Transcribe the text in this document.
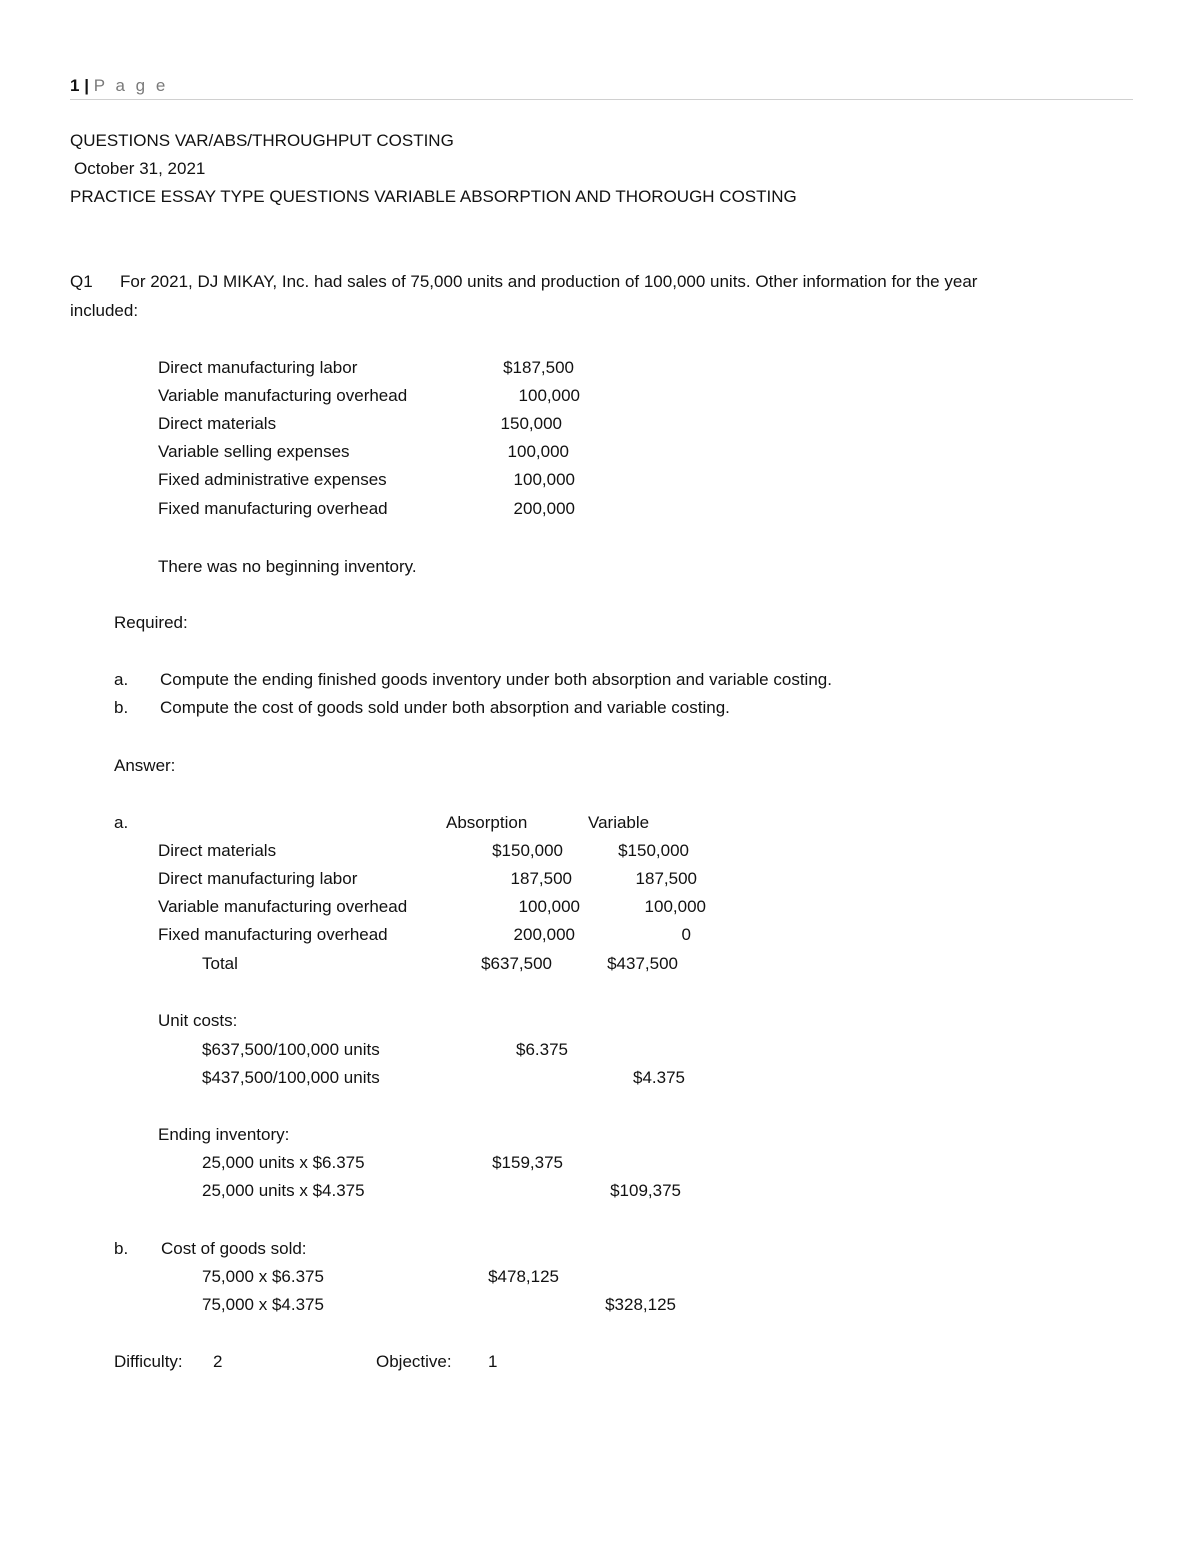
1 | P a g e
QUESTIONS VAR/ABS/THROUGHPUT COSTING
October 31, 2021
PRACTICE ESSAY TYPE QUESTIONS VARIABLE ABSORPTION AND THOROUGH COSTING
Q1 For 2021, DJ MIKAY, Inc. had sales of 75,000 units and production of 100,000 units. Other information for the year
included:
Direct manufacturing labor	$187,500
Variable manufacturing overhead	100,000
Direct materials	150,000
Variable selling expenses	100,000
Fixed administrative expenses	100,000
Fixed manufacturing overhead	200,000
There was no beginning inventory.
Required:
a. Compute the ending finished goods inventory under both absorption and variable costing.
b. Compute the cost of goods sold under both absorption and variable costing.
Answer:
a.	Absorption	Variable
Direct materials	$150,000	$150,000
Direct manufacturing labor	187,500	187,500
Variable manufacturing overhead	100,000	100,000
Fixed manufacturing overhead	200,000	0
Total	$637,500	$437,500
Unit costs:
$637,500/100,000 units	$6.375
$437,500/100,000 units	$4.375
Ending inventory:
25,000 units x $6.375	$159,375
25,000 units x $4.375	$109,375
b. Cost of goods sold:
75,000 x $6.375	$478,125
75,000 x $4.375	$328,125
Difficulty: 2	Objective: 1
